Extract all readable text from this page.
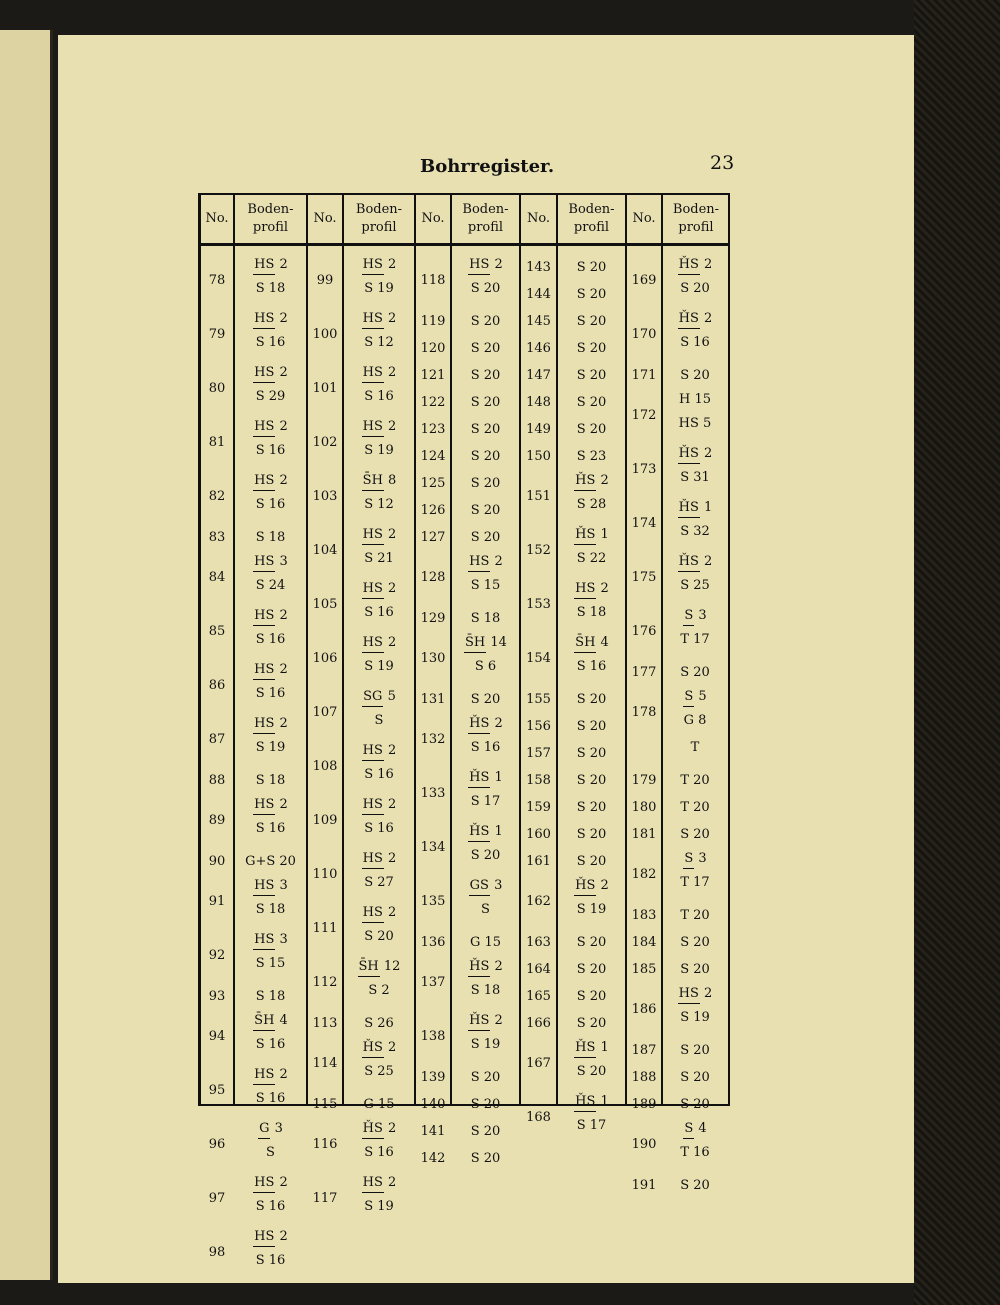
Bohrregister.	23
No.
Boden-profil
No.
Boden-profil
No.
Boden-profil
No.
Boden-profil
No.
Boden-profil
78
79
80
81
82
83
84
85
86
87
88
89
90
91
92
93
94
95
96
97
98
HS 2
S 18
HS 2
S 16
HS 2
S 29
HS 2
S 16
HS 2
S 16
S 18
HS 3
S 24
HS 2
S 16
HS 2
S 16
HS 2
S 19
S 18
HS 2
S 16
G+S 20
HS 3
S 18
HS 3
S 15
S 18
S̄H 4
S 16
HS 2
S 16
G 3
S
HS 2
S 16
HS 2
S 16
99
100
101
102
103
104
105
106
107
108
109
110
111
112
113
114
115
116
117
HS 2
S 19
HS 2
S 12
HS 2
S 16
HS 2
S 19
S̄H 8
S 12
HS 2
S 21
HS 2
S 16
HS 2
S 19
SG 5
S
HS 2
S 16
HS 2
S 16
HS 2
S 27
HS 2
S 20
S̄H 12
S 2
S 26
ȞS 2
S 25
G 15
ȞS 2
S 16
HS 2
S 19
118
119
120
121
122
123
124
125
126
127
128
129
130
131
132
133
134
135
136
137
138
139
140
141
142
HS 2
S 20
S 20
S 20
S 20
S 20
S 20
S 20
S 20
S 20
S 20
HS 2
S 15
S 18
S̄H 14
S 6
S 20
ȞS 2
S 16
ȞS 1
S 17
ȞS 1
S 20
GS 3
S
G 15
ȞS 2
S 18
ȞS 2
S 19
S 20
S 20
S 20
S 20
143
144
145
146
147
148
149
150
151
152
153
154
155
156
157
158
159
160
161
162
163
164
165
166
167
168
S 20
S 20
S 20
S 20
S 20
S 20
S 20
S 23
ȞS 2
S 28
ȞS 1
S 22
HS 2
S 18
S̄H 4
S 16
S 20
S 20
S 20
S 20
S 20
S 20
S 20
ȞS 2
S 19
S 20
S 20
S 20
S 20
ȞS 1
S 20
ȞS 1
S 17
169
170
171
172
173
174
175
176
177
178
179
180
181
182
183
184
185
186
187
188
189
190
191
ȞS 2
S 20
ȞS 2
S 16
S 20
H 15
HS 5
ȞS 2
S 31
ȞS 1
S 32
ȞS 2
S 25
S 3
T 17
S 20
S 5
G 8
T
T 20
T 20
S 20
S 3
T 17
T 20
S 20
S 20
HS 2
S 19
S 20
S 20
S 20
S 4
T 16
S 20
